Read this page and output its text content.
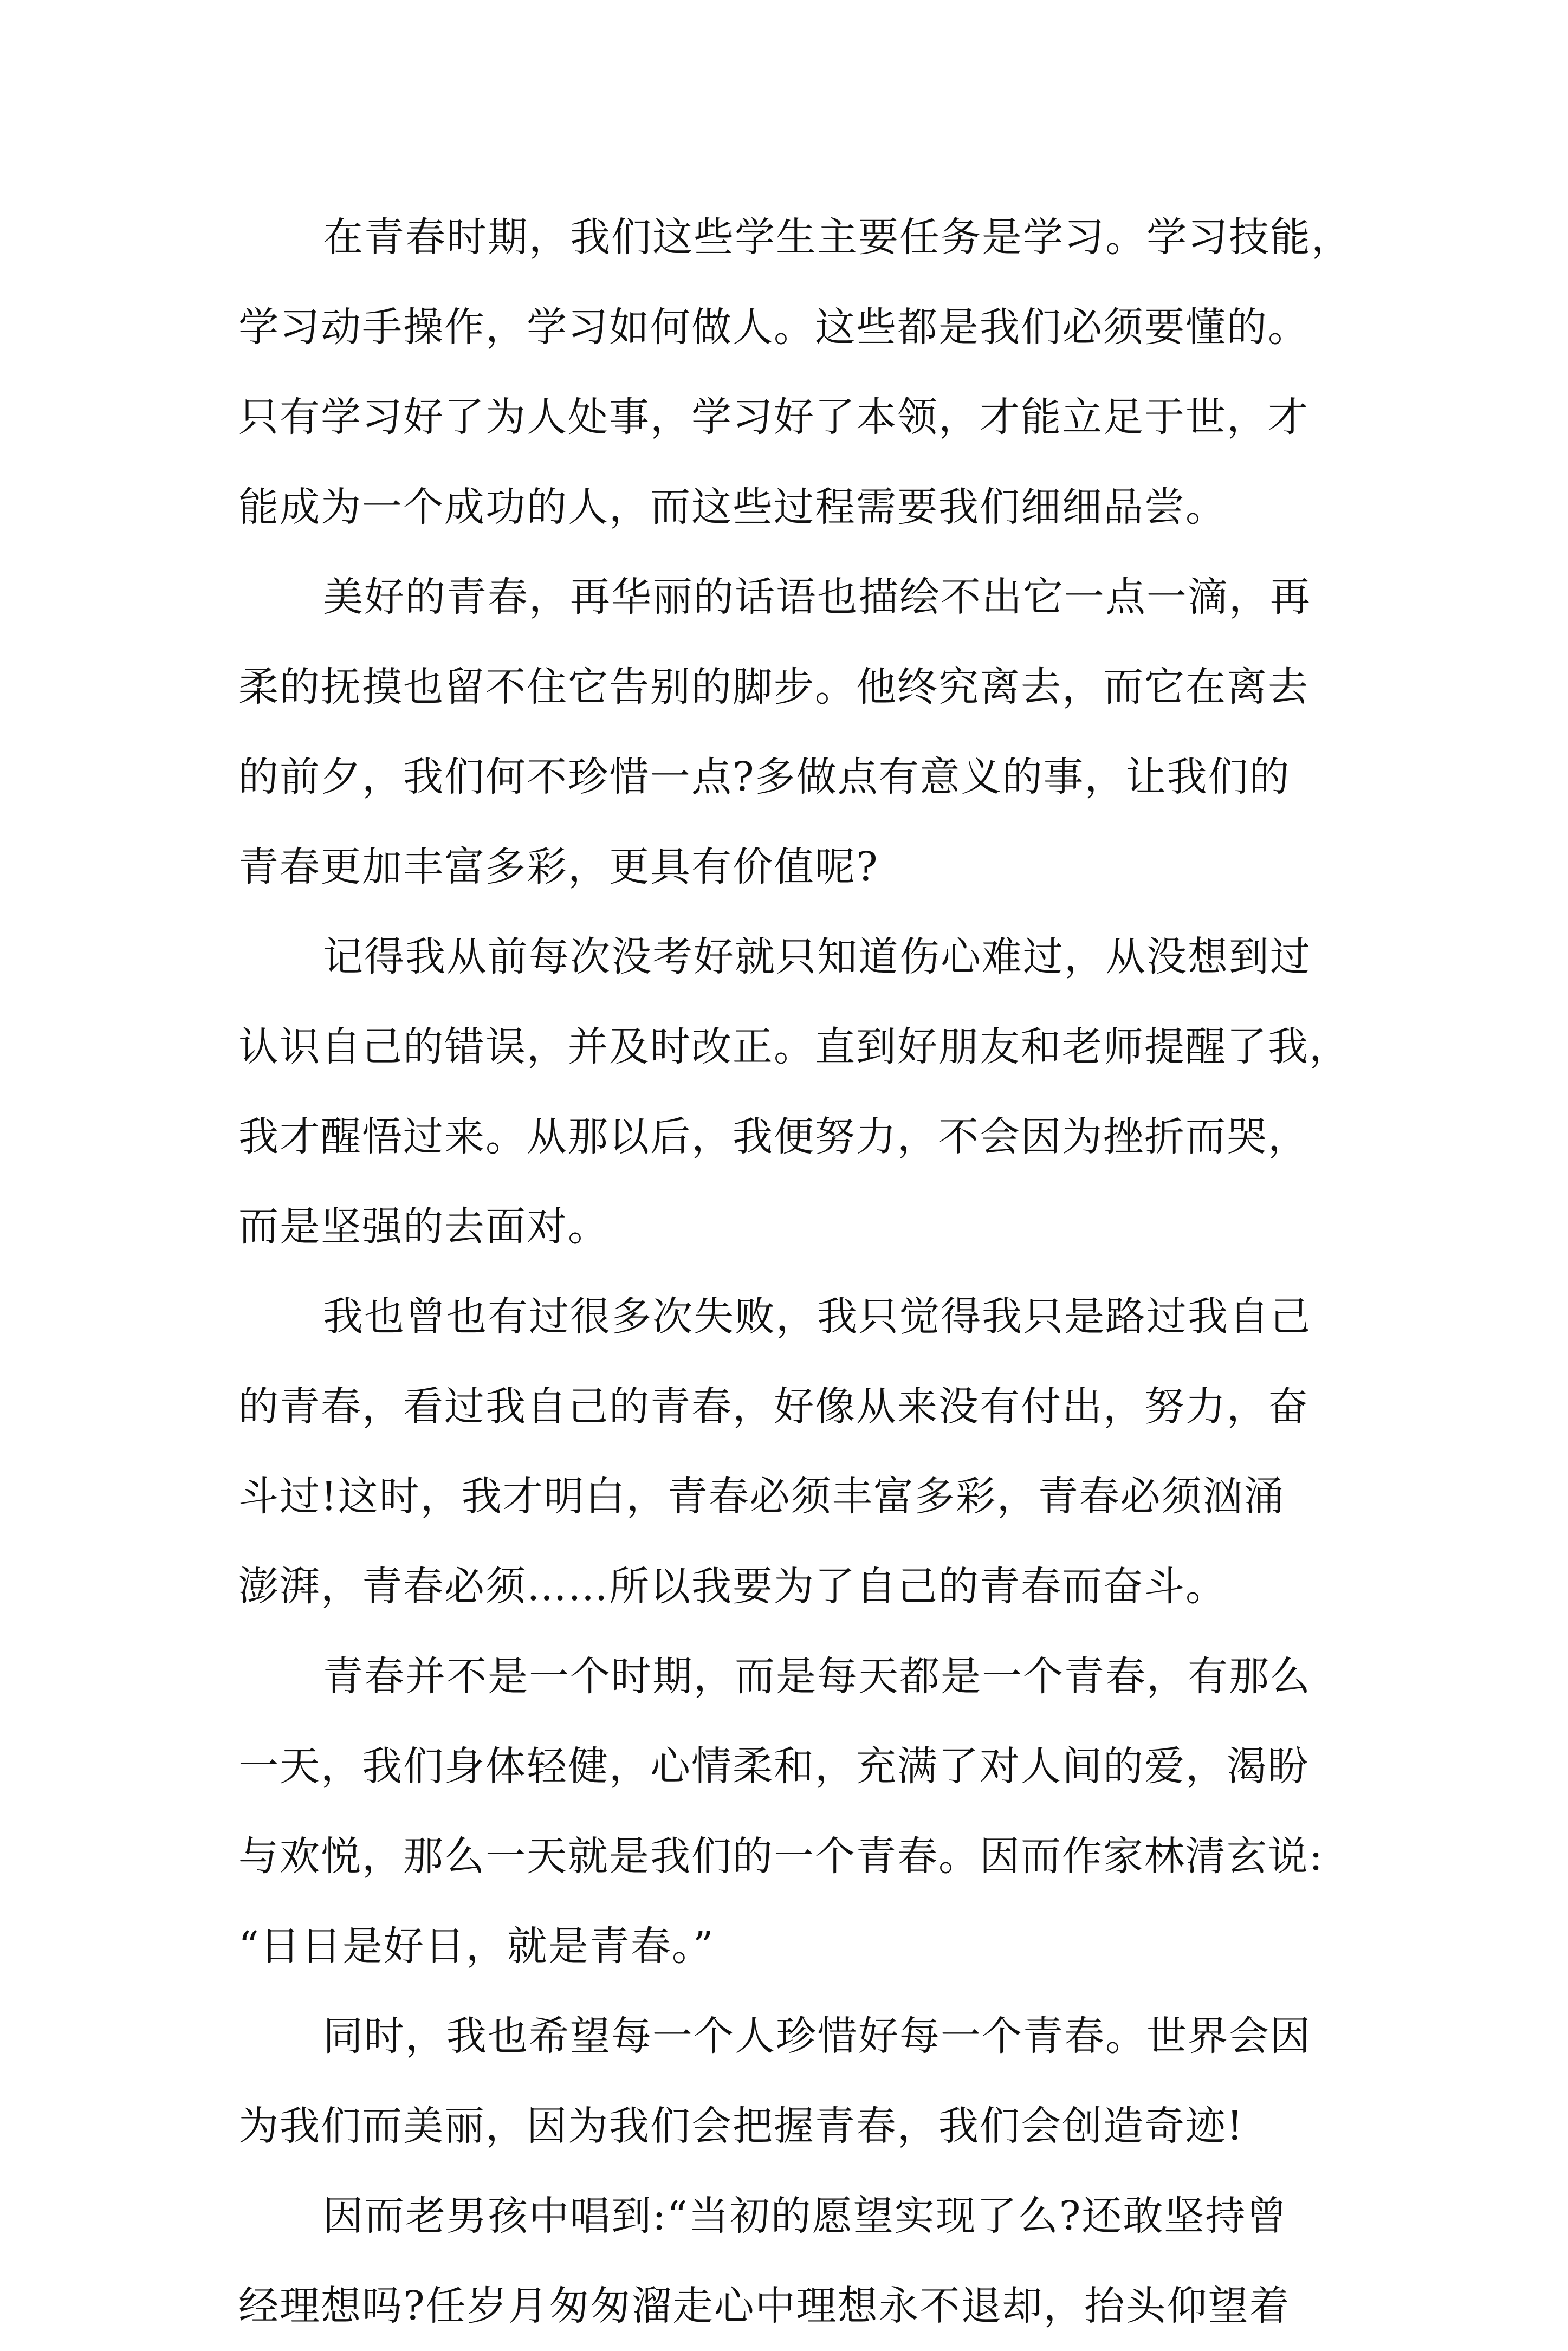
在青春时期，我们这些学生主要任务是学习。学习技能，
学习动手操作，学习如何做人。这些都是我们必须要懂的。
只有学习好了为人处事，学习好了本领，才能立足于世，才
能成为一个成功的人，而这些过程需要我们细细品尝。
美好的青春，再华丽的话语也描绘不出它一点一滴，再
柔的抚摸也留不住它告别的脚步。他终究离去，而它在离去
的前夕，我们何不珍惜一点?多做点有意义的事，让我们的
青春更加丰富多彩，更具有价值呢?
记得我从前每次没考好就只知道伤心难过，从没想到过
认识自己的错误，并及时改正。直到好朋友和老师提醒了我，
我才醒悟过来。从那以后，我便努力，不会因为挫折而哭，
而是坚强的去面对。
我也曾也有过很多次失败，我只觉得我只是路过我自己
的青春，看过我自己的青春，好像从来没有付出，努力，奋
斗过!这时，我才明白，青春必须丰富多彩，青春必须汹涌
澎湃，青春必须……所以我要为了自己的青春而奋斗。
青春并不是一个时期，而是每天都是一个青春，有那么
一天，我们身体轻健，心情柔和，充满了对人间的爱，渴盼
与欢悦，那么一天就是我们的一个青春。因而作家林清玄说:
“日日是好日，就是青春。”
同时，我也希望每一个人珍惜好每一个青春。世界会因
为我们而美丽，因为我们会把握青春，我们会创造奇迹!
因而老男孩中唱到:“当初的愿望实现了么?还敢坚持曾
经理想吗?任岁月匆匆溜走心中理想永不退却，抬头仰望着
